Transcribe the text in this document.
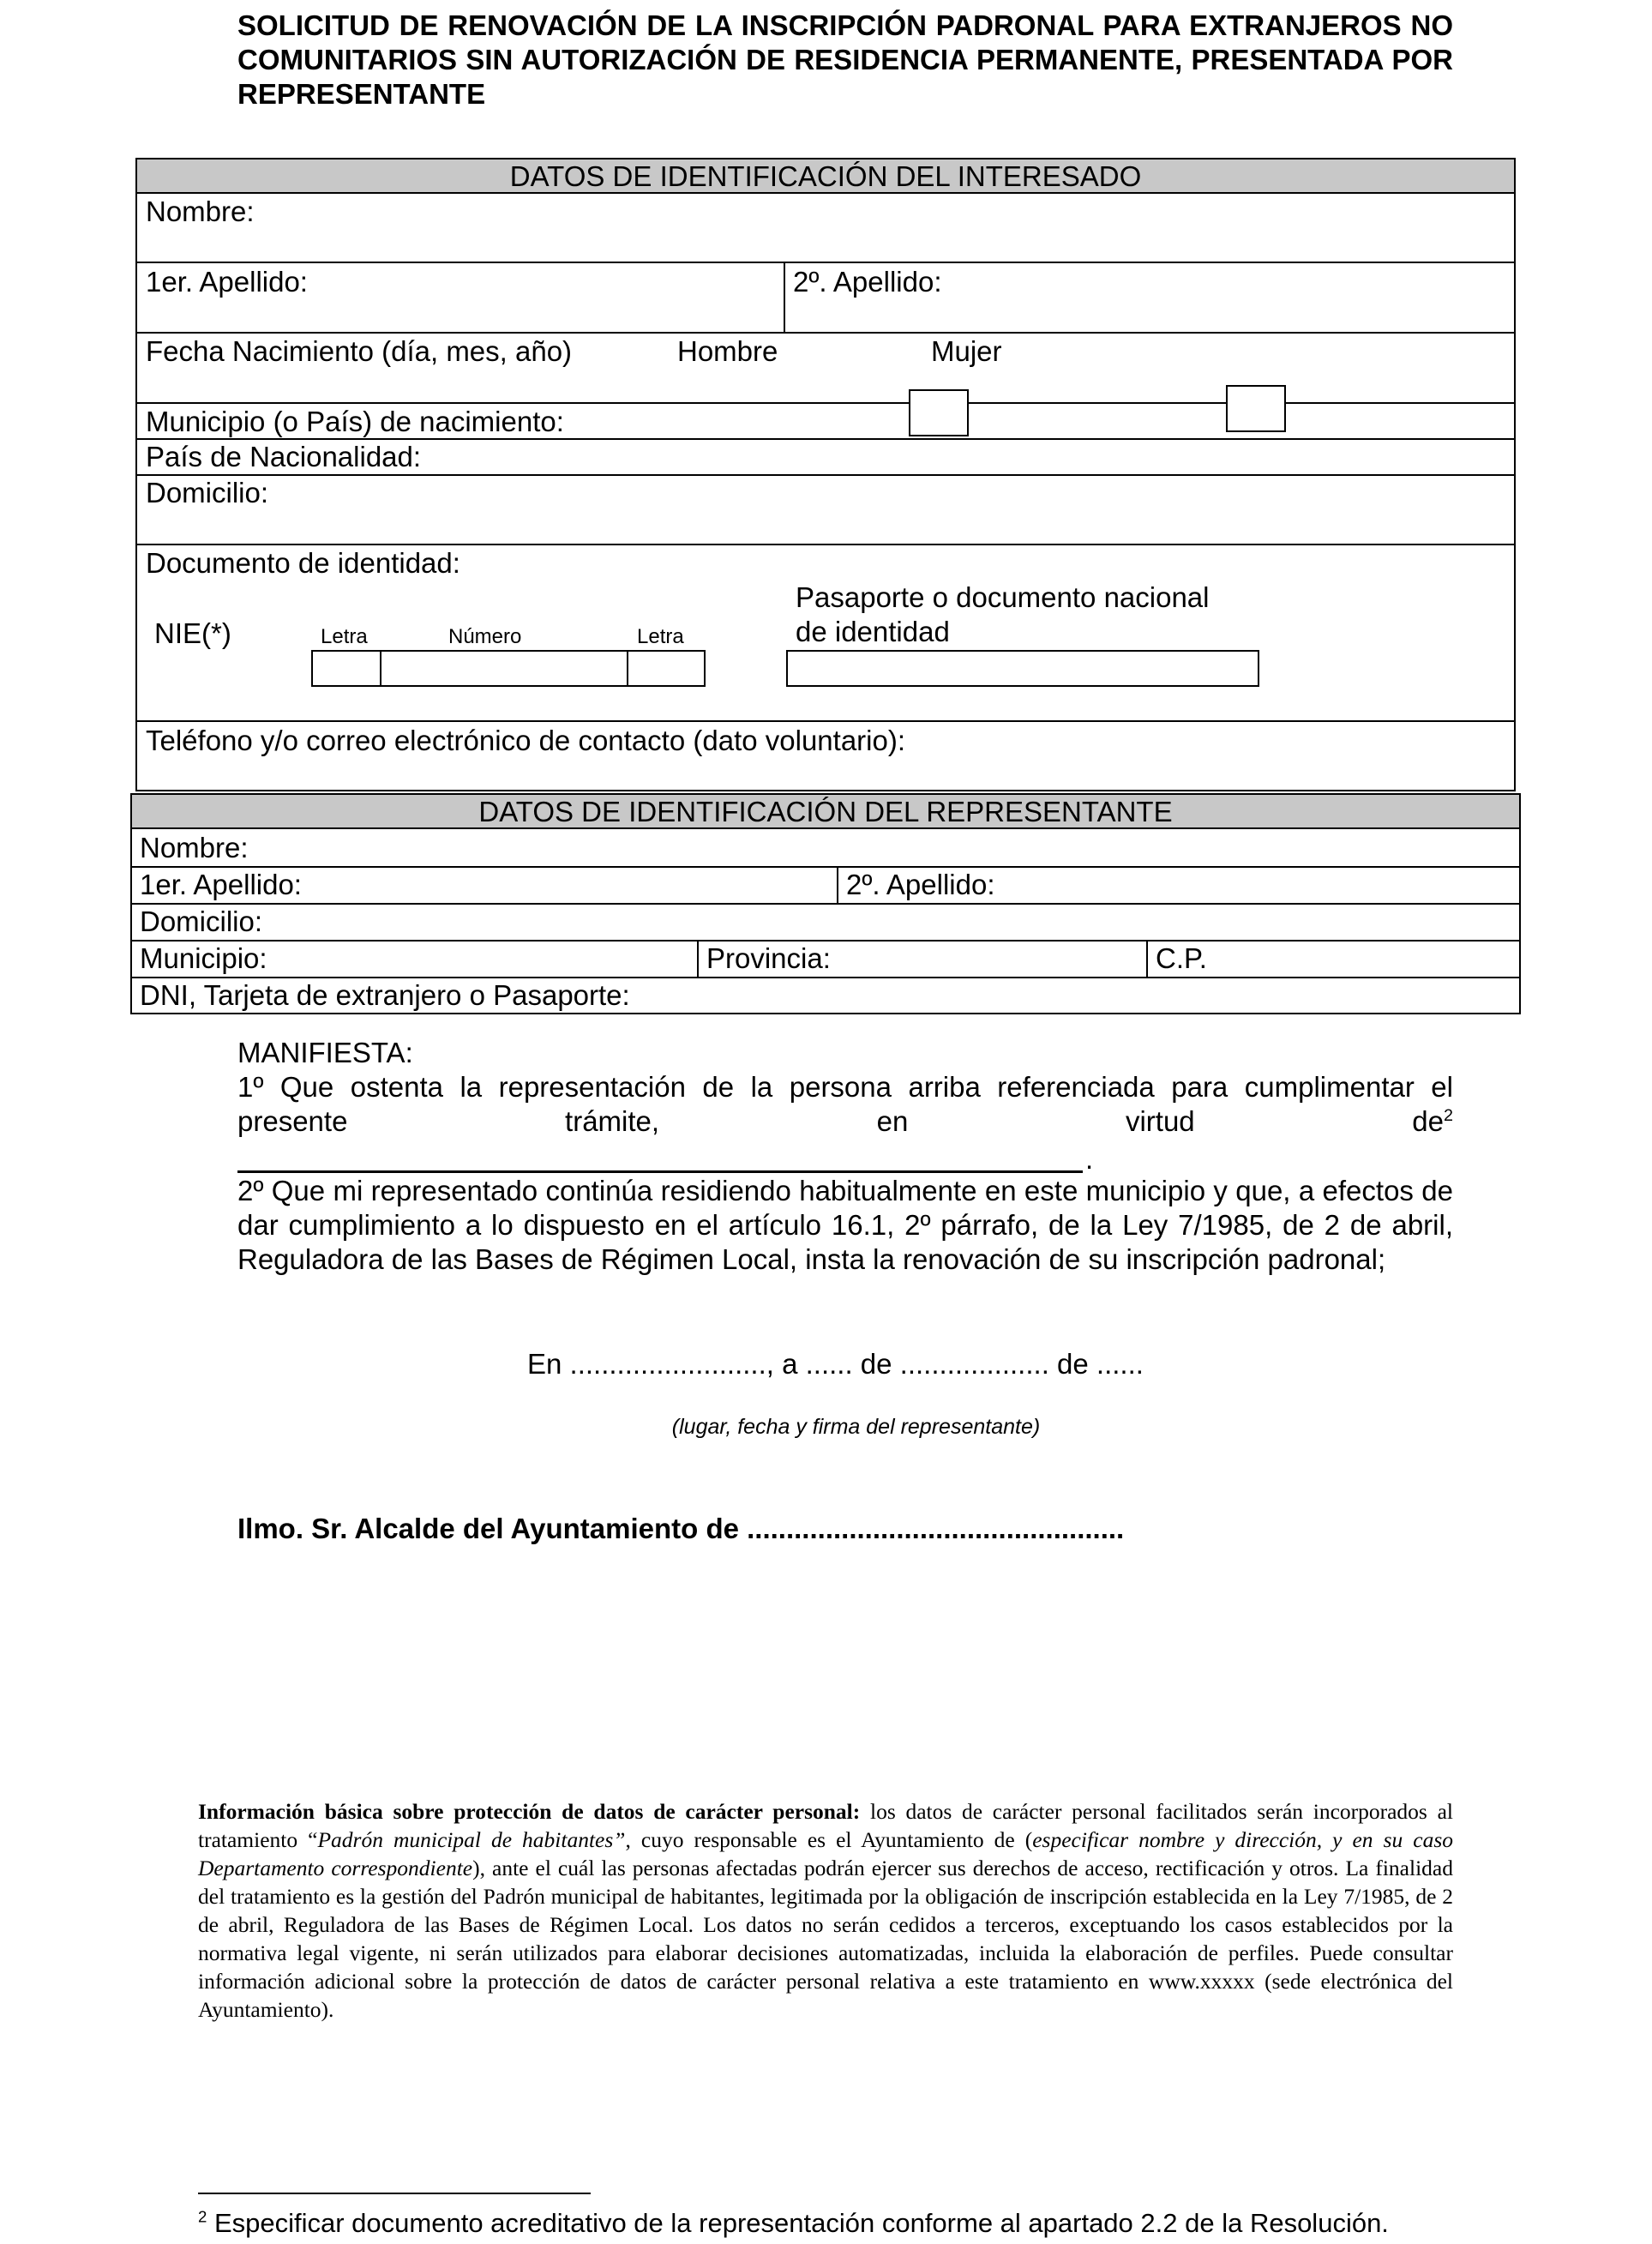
SOLICITUD DE RENOVACIÓN DE LA INSCRIPCIÓN PADRONAL PARA EXTRANJEROS NO COMUNITARIOS SIN AUTORIZACIÓN DE RESIDENCIA PERMANENTE, PRESENTADA POR REPRESENTANTE
DATOS DE IDENTIFICACIÓN DEL INTERESADO
Nombre:
1er. Apellido:	2º. Apellido:
Fecha Nacimiento (día, mes, año)	Hombre	Mujer
Municipio (o País) de nacimiento:
País de Nacionalidad:
Domicilio:
Documento de identidad:
NIE(*)	Letra	Número	Letra
Pasaporte o documento nacional
de identidad
Teléfono y/o correo electrónico de contacto (dato voluntario):
DATOS DE IDENTIFICACIÓN DEL REPRESENTANTE
Nombre:
1er. Apellido:	2º. Apellido:
Domicilio:
Municipio:	Provincia:	C.P.
DNI, Tarjeta de extranjero o Pasaporte:
MANIFIESTA:
1º Que ostenta la representación de la persona arriba referenciada para cumplimentar el
presente	trámite,	en	virtud	$de^2$
.
2º Que mi representado continúa residiendo habitualmente en este municipio y que, a efectos de dar cumplimiento a lo dispuesto en el artículo 16.1, 2º párrafo, de la Ley 7/1985, de 2 de abril, Reguladora de las Bases de Régimen Local, insta la renovación de su inscripción padronal;
En ........................., a ...... de ................... de ......
(lugar, fecha y firma del representante)
Ilmo. Sr. Alcalde del Ayuntamiento de ................................................
Información básica sobre protección de datos de carácter personal: los datos de carácter personal facilitados serán incorporados al tratamiento “Padrón municipal de habitantes”, cuyo responsable es el Ayuntamiento de (especificar nombre y dirección, y en su caso Departamento correspondiente), ante el cuál las personas afectadas podrán ejercer sus derechos de acceso, rectificación y otros. La finalidad del tratamiento es la gestión del Padrón municipal de habitantes, legitimada por la obligación de inscripción establecida en la Ley 7/1985, de 2 de abril, Reguladora de las Bases de Régimen Local. Los datos no serán cedidos a terceros, exceptuando los casos establecidos por la normativa legal vigente, ni serán utilizados para elaborar decisiones automatizadas, incluida la elaboración de perfiles. Puede consultar información adicional sobre la protección de datos de carácter personal relativa a este tratamiento en www.xxxxx (sede electrónica del Ayuntamiento).
$^2$ Especificar documento acreditativo de la representación conforme al apartado 2.2 de la Resolución.
